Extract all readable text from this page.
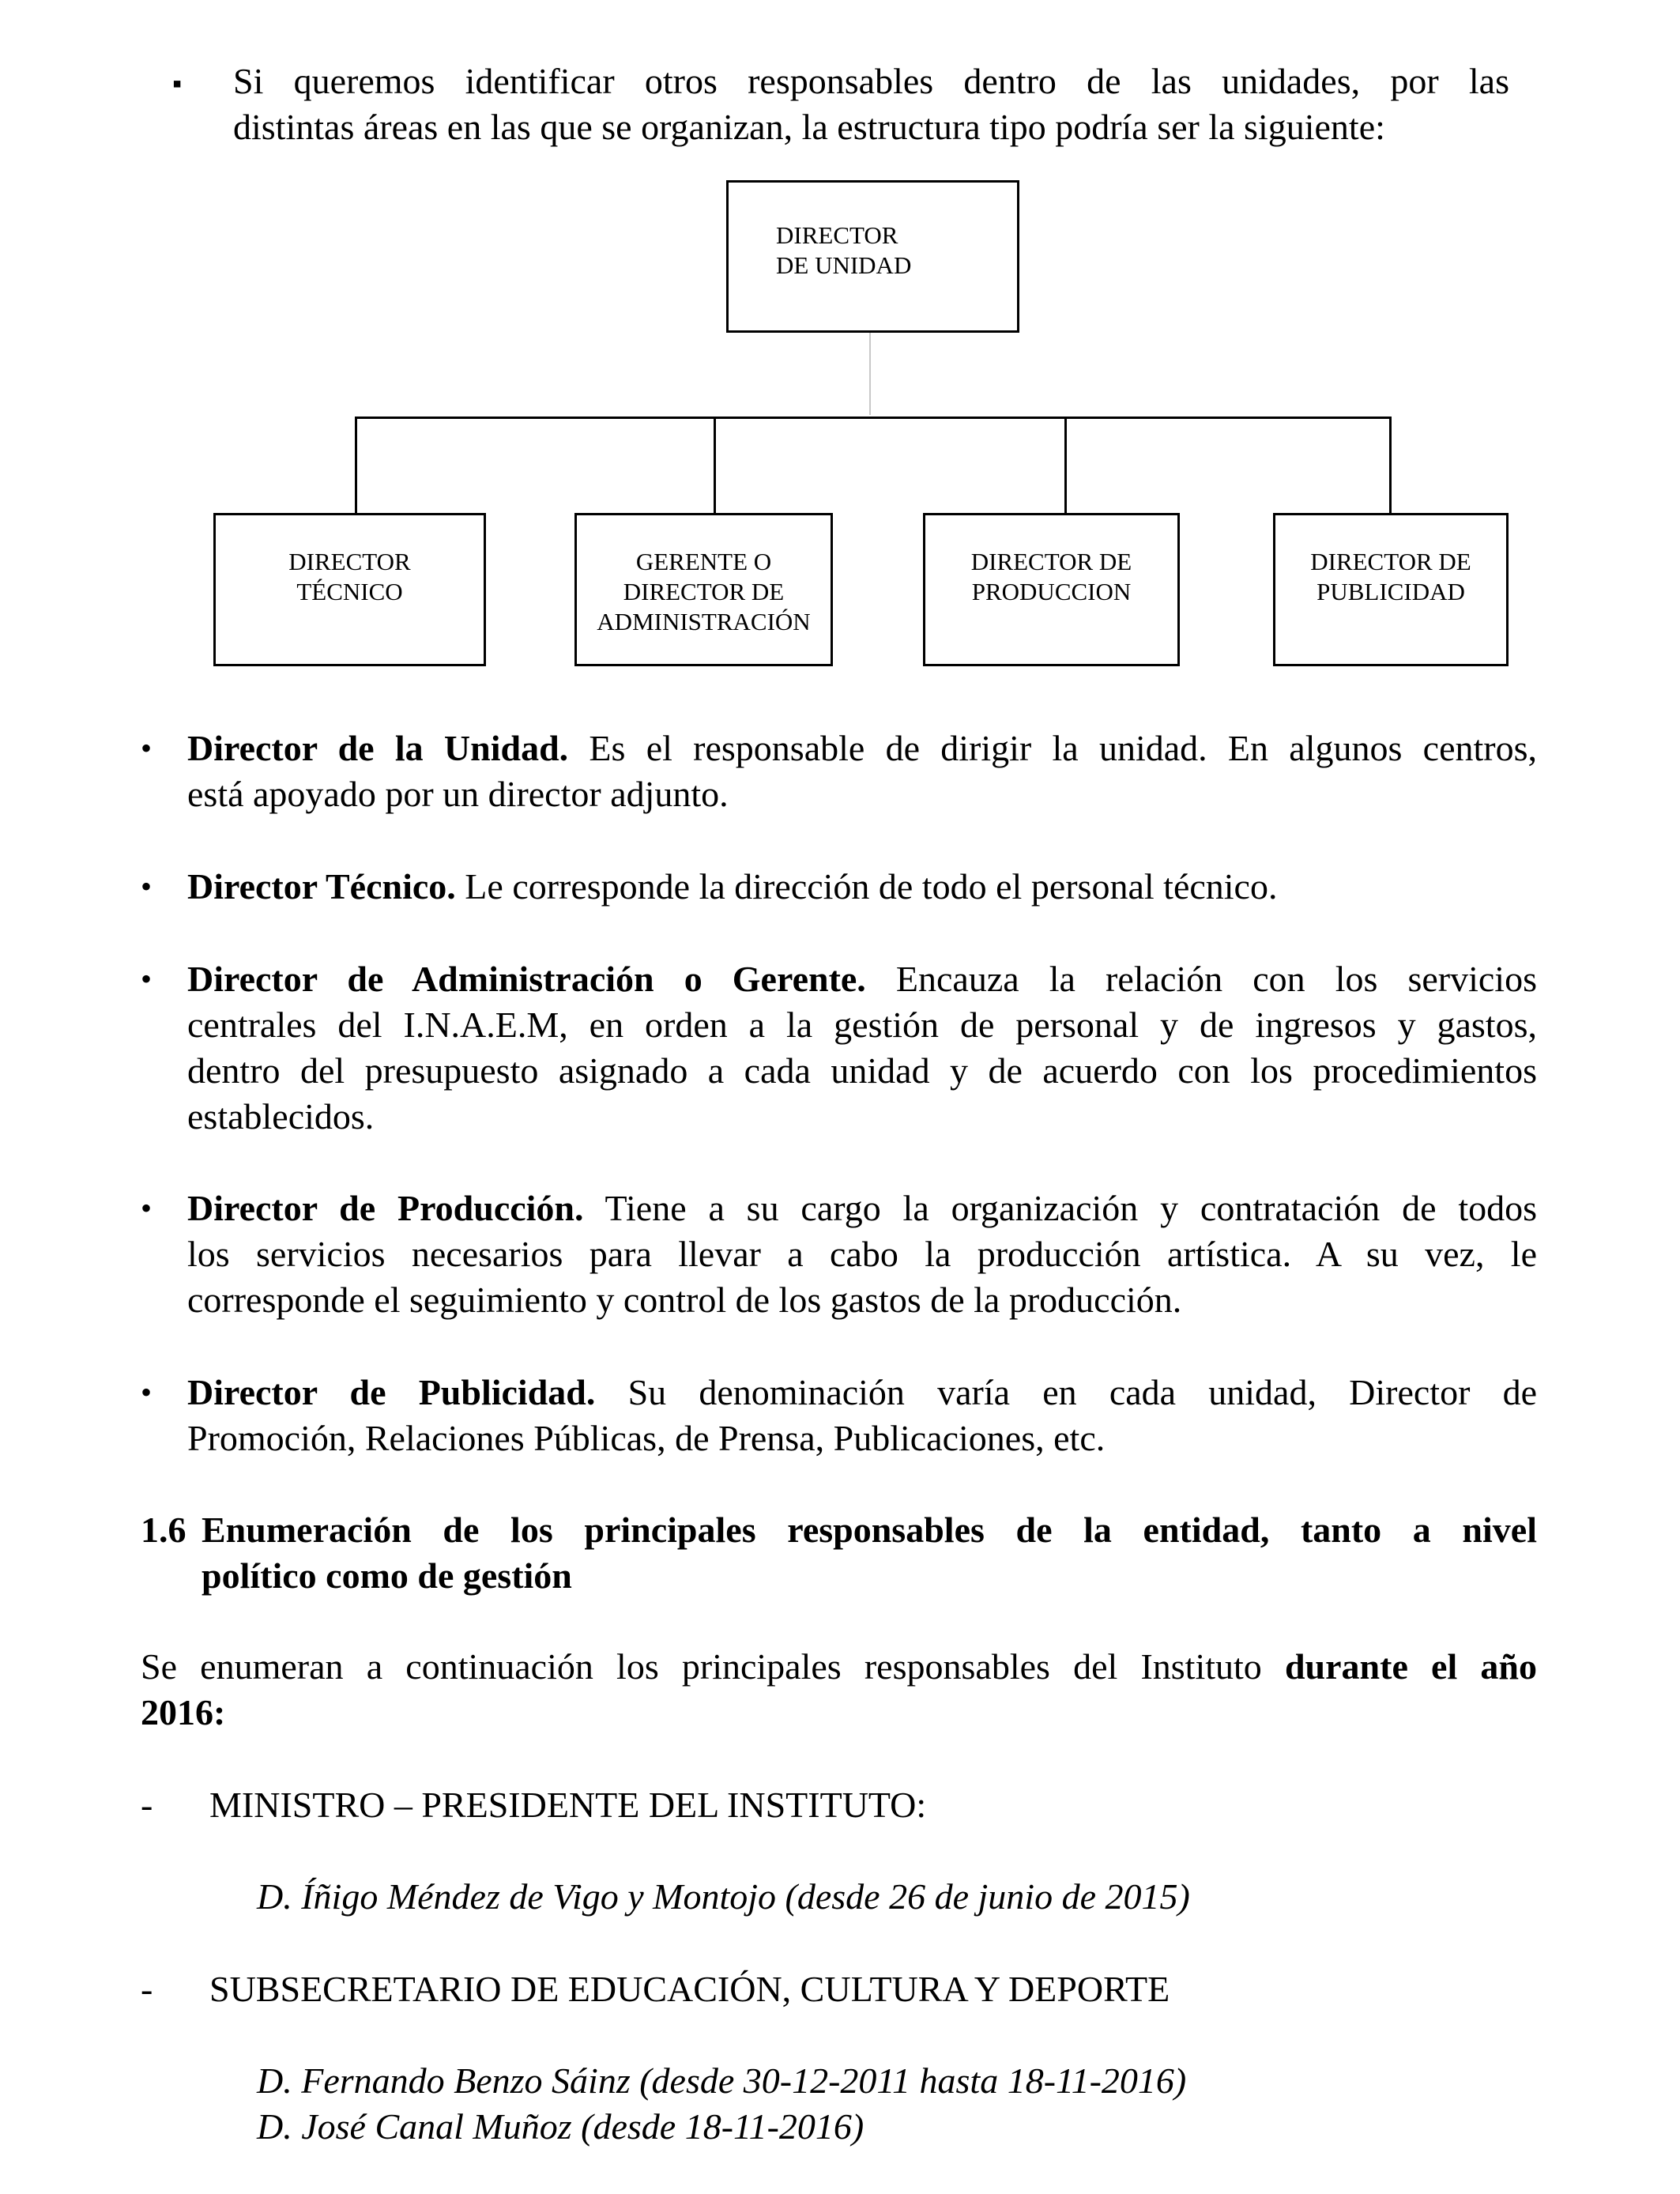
▪ Si queremos identificar otros responsables dentro de las unidades, por las
distintas áreas en las que se organizan, la estructura tipo podría ser la siguiente:
DIRECTOR
DE UNIDAD
DIRECTOR
TÉCNICO
GERENTE O
DIRECTOR DE
ADMINISTRACIÓN
DIRECTOR DE
PRODUCCION
DIRECTOR DE
PUBLICIDAD
• Director de la Unidad. Es el responsable de dirigir la unidad. En algunos centros,
está apoyado por un director adjunto.
• Director Técnico. Le corresponde la dirección de todo el personal técnico.
• Director de Administración o Gerente. Encauza la relación con los servicios
centrales del I.N.A.E.M, en orden a la gestión de personal y de ingresos y gastos,
dentro del presupuesto asignado a cada unidad y de acuerdo con los procedimientos
establecidos.
• Director de Producción. Tiene a su cargo la organización y contratación de todos
los servicios necesarios para llevar a cabo la producción artística. A su vez, le
corresponde el seguimiento y control de los gastos de la producción.
• Director de Publicidad. Su denominación varía en cada unidad, Director de
Promoción, Relaciones Públicas, de Prensa, Publicaciones, etc.
1.6 Enumeración de los principales responsables de la entidad, tanto a nivel
político como de gestión
Se enumeran a continuación los principales responsables del Instituto durante el año
2016:
- MINISTRO – PRESIDENTE DEL INSTITUTO:
D. Íñigo Méndez de Vigo y Montojo (desde 26 de junio de 2015)
- SUBSECRETARIO DE EDUCACIÓN, CULTURA Y DEPORTE
D. Fernando Benzo Sáinz (desde 30-12-2011 hasta 18-11-2016)
D. José Canal Muñoz (desde 18-11-2016)
